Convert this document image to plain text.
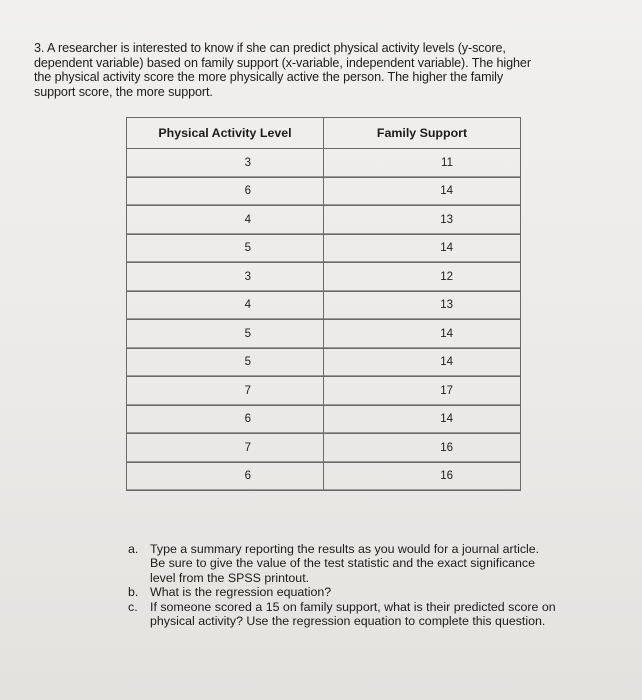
3. A researcher is interested to know if she can predict physical activity levels (y-score,
dependent variable) based on family support (x-variable, independent variable). The higher
the physical activity score the more physically active the person. The higher the family
support score, the more support.
Physical Activity Level	Family Support
3	11
6	14
4	13
5	14
3	12
4	13
5	14
5	14
7	17
6	14
7	16
6	16
a. Type a summary reporting the results as you would for a journal article.
Be sure to give the value of the test statistic and the exact significance
level from the SPSS printout.
b. What is the regression equation?
c. If someone scored a 15 on family support, what is their predicted score on
physical activity? Use the regression equation to complete this question.
